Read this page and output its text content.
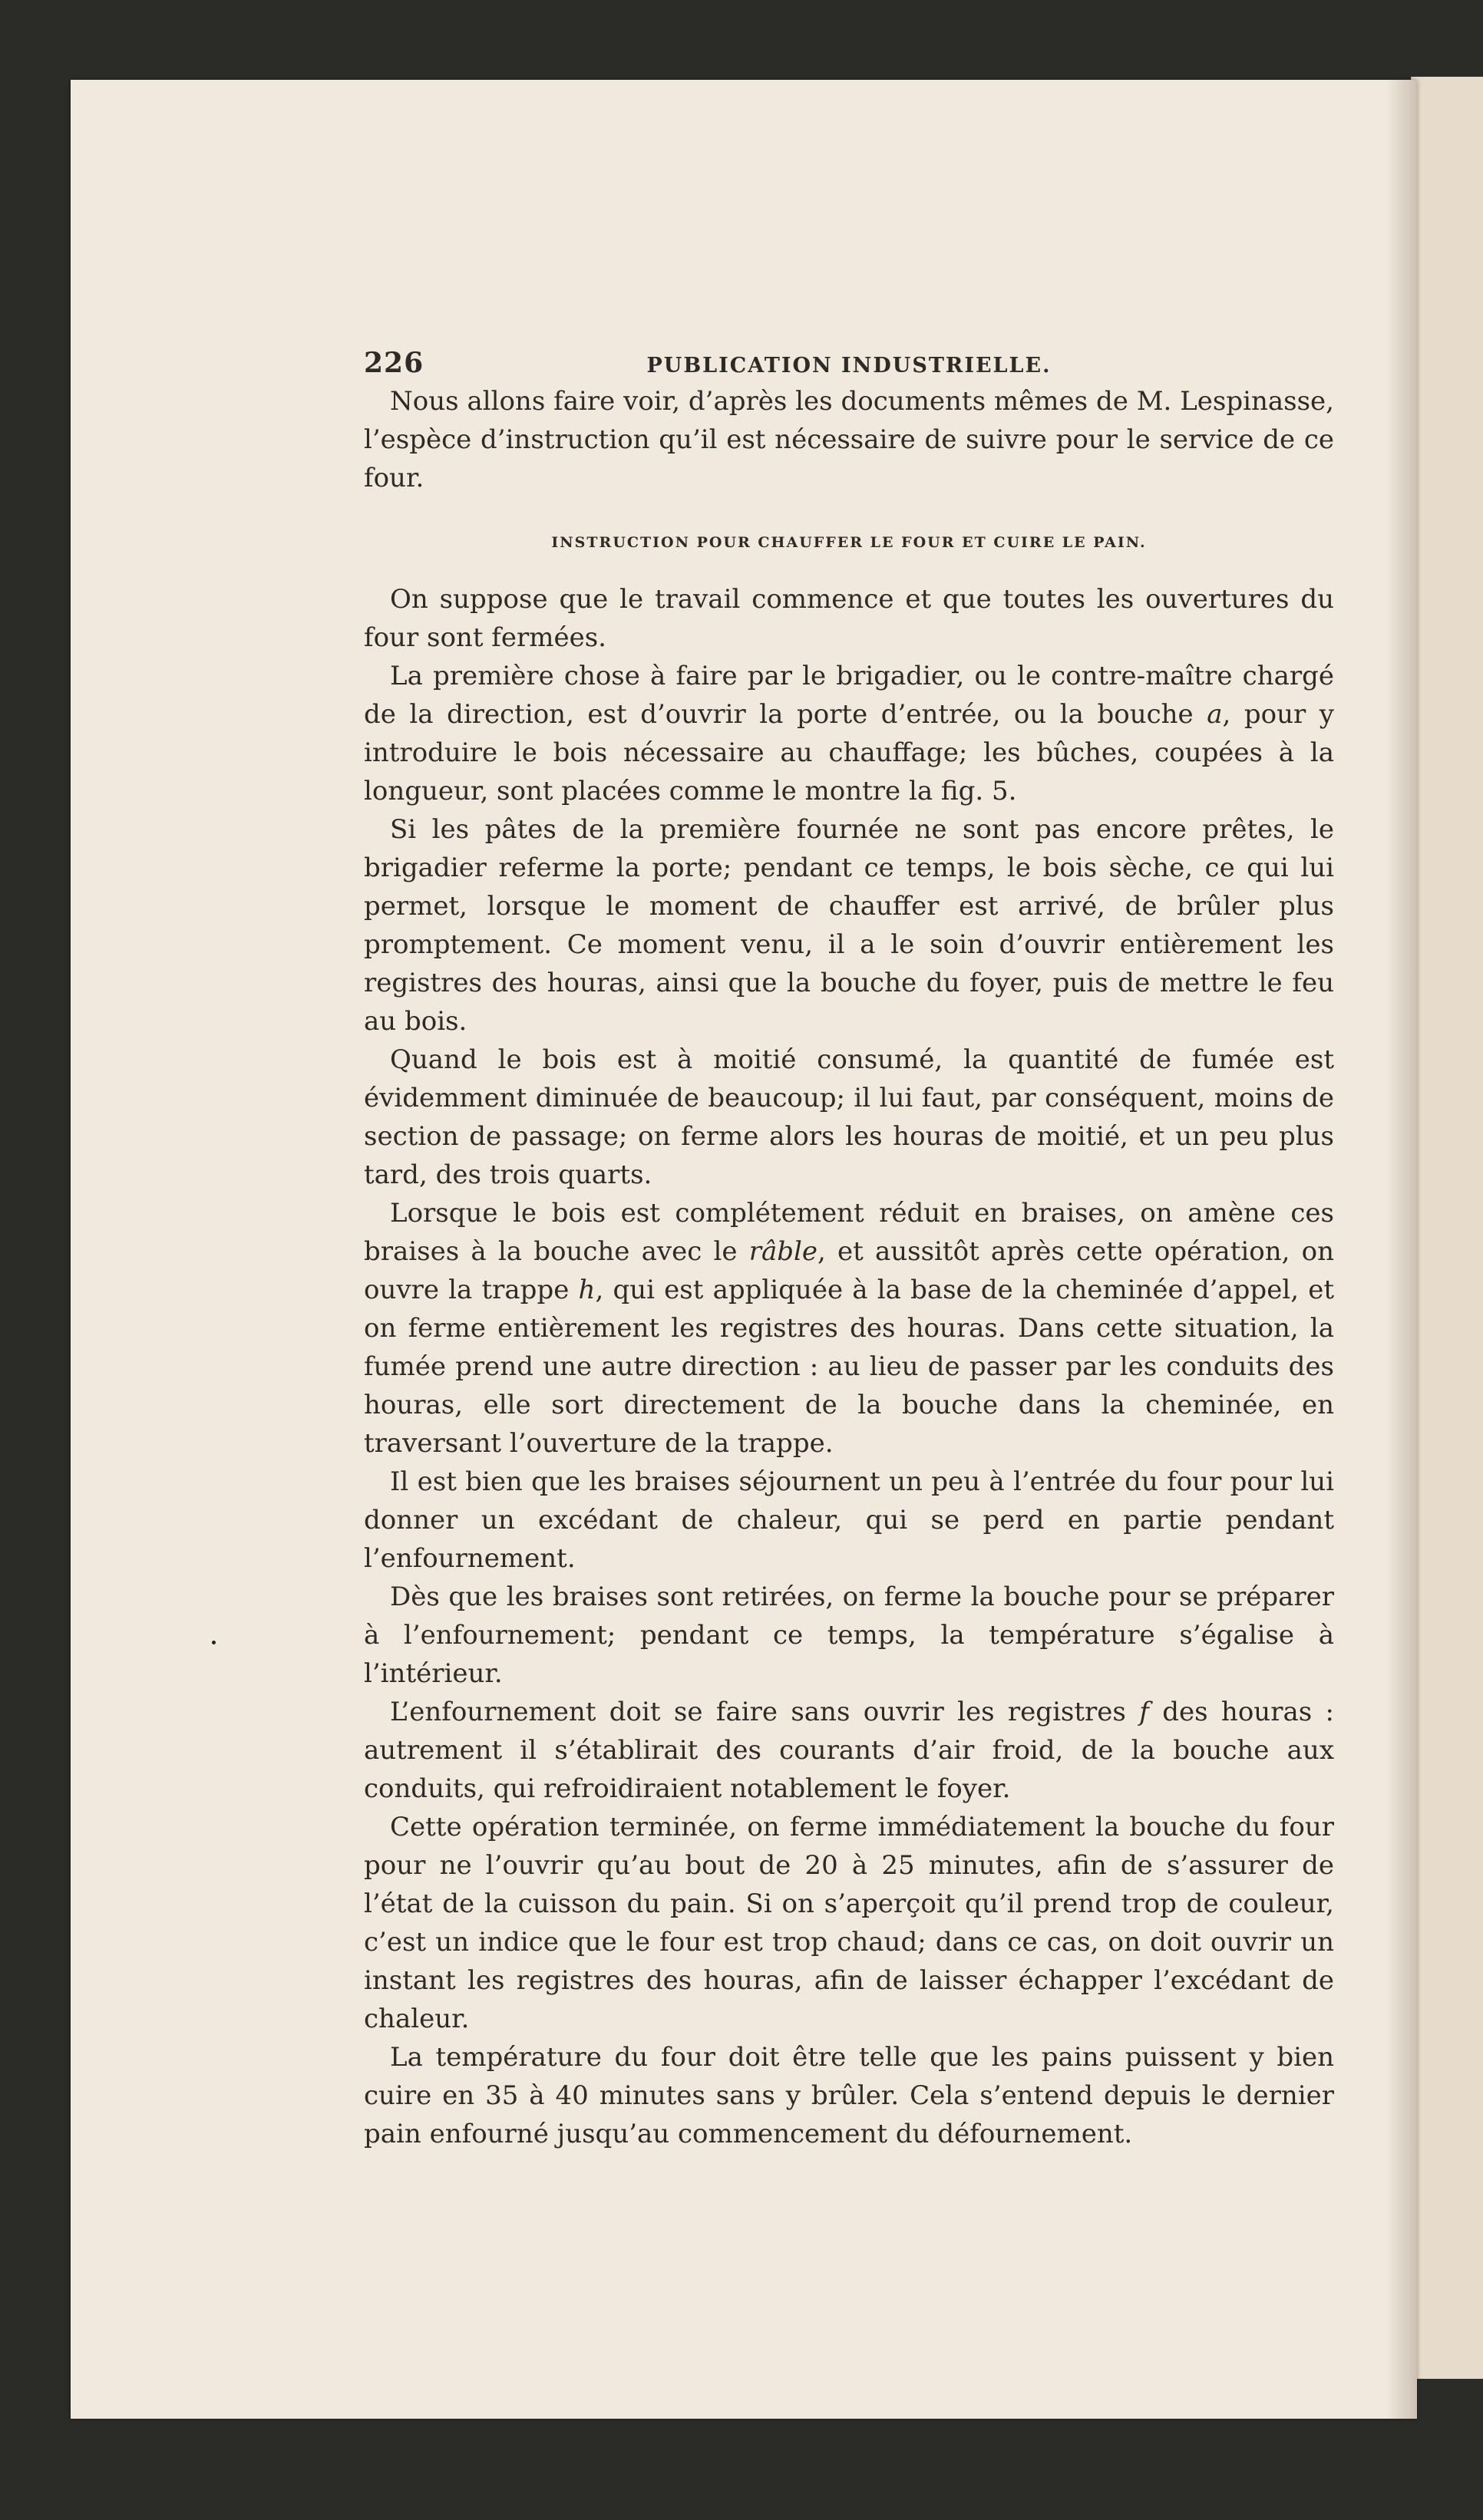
226	PUBLICATION INDUSTRIELLE.

Nous allons faire voir, d’après les documents mêmes de M. Lespinasse, l’espèce d’instruction qu’il est nécessaire de suivre pour le service de ce four.

INSTRUCTION POUR CHAUFFER LE FOUR ET CUIRE LE PAIN.

On suppose que le travail commence et que toutes les ouvertures du four sont fermées.

La première chose à faire par le brigadier, ou le contre-maître chargé de la direction, est d’ouvrir la porte d’entrée, ou la bouche a, pour y introduire le bois nécessaire au chauffage; les bûches, coupées à la longueur, sont placées comme le montre la fig. 5.

Si les pâtes de la première fournée ne sont pas encore prêtes, le brigadier referme la porte; pendant ce temps, le bois sèche, ce qui lui permet, lorsque le moment de chauffer est arrivé, de brûler plus promptement. Ce moment venu, il a le soin d’ouvrir entièrement les registres des houras, ainsi que la bouche du foyer, puis de mettre le feu au bois.

Quand le bois est à moitié consumé, la quantité de fumée est évidemment diminuée de beaucoup; il lui faut, par conséquent, moins de section de passage; on ferme alors les houras de moitié, et un peu plus tard, des trois quarts.

Lorsque le bois est complétement réduit en braises, on amène ces braises à la bouche avec le râble, et aussitôt après cette opération, on ouvre la trappe h, qui est appliquée à la base de la cheminée d’appel, et on ferme entièrement les registres des houras. Dans cette situation, la fumée prend une autre direction : au lieu de passer par les conduits des houras, elle sort directement de la bouche dans la cheminée, en traversant l’ouverture de la trappe.

Il est bien que les braises séjournent un peu à l’entrée du four pour lui donner un excédant de chaleur, qui se perd en partie pendant l’enfournement.

Dès que les braises sont retirées, on ferme la bouche pour se préparer à l’enfournement; pendant ce temps, la température s’égalise à l’intérieur.

L’enfournement doit se faire sans ouvrir les registres f des houras : autrement il s’établirait des courants d’air froid, de la bouche aux conduits, qui refroidiraient notablement le foyer.

Cette opération terminée, on ferme immédiatement la bouche du four pour ne l’ouvrir qu’au bout de 20 à 25 minutes, afin de s’assurer de l’état de la cuisson du pain. Si on s’aperçoit qu’il prend trop de couleur, c’est un indice que le four est trop chaud; dans ce cas, on doit ouvrir un instant les registres des houras, afin de laisser échapper l’excédant de chaleur.

La température du four doit être telle que les pains puissent y bien cuire en 35 à 40 minutes sans y brûler. Cela s’entend depuis le dernier pain enfourné jusqu’au commencement du défournement.
